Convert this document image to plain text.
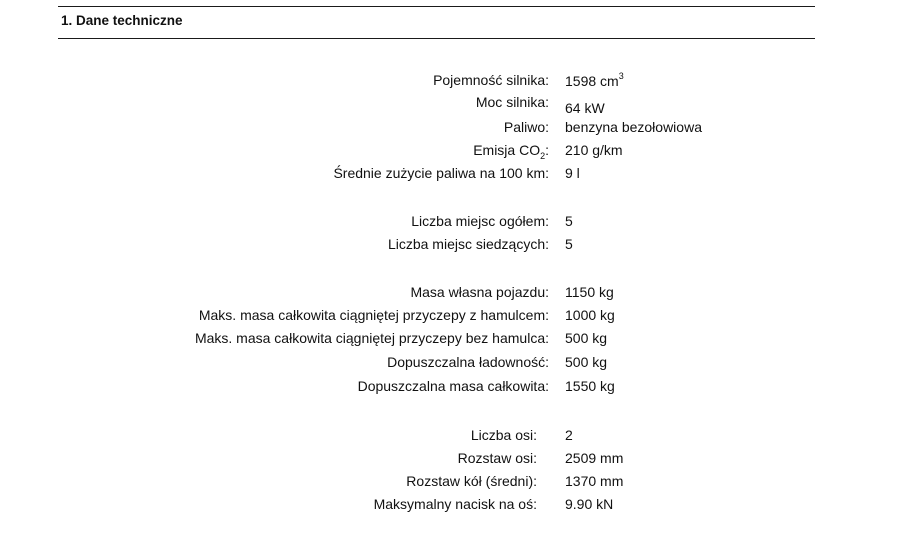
1. Dane techniczne
Pojemność silnika: 1598 $cm^3$
Moc silnika: 64 kW
Paliwo: benzyna bezołowiowa
Emisja $CO_2$: 210 g/km
Średnie zużycie paliwa na 100 km: 9 l
Liczba miejsc ogółem: 5
Liczba miejsc siedzących: 5
Masa własna pojazdu: 1150 kg
Maks. masa całkowita ciągniętej przyczepy z hamulcem: 1000 kg
Maks. masa całkowita ciągniętej przyczepy bez hamulca: 500 kg
Dopuszczalna ładowność: 500 kg
Dopuszczalna masa całkowita: 1550 kg
Liczba osi: 2
Rozstaw osi: 2509 mm
Rozstaw kół (średni): 1370 mm
Maksymalny nacisk na oś: 9.90 kN
